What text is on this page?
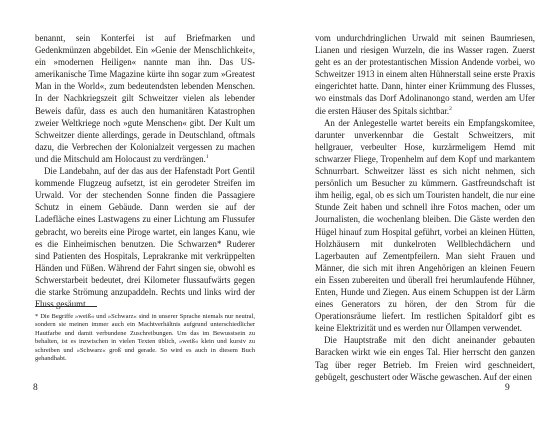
benannt, sein Konterfei ist auf Briefmarken und Gedenkmünzen abgebildet. Ein »Genie der Menschlichkeit«, ein »modernen Heiligen« nannte man ihn. Das US-amerikanische Time Magazine kürte ihn sogar zum »Greatest Man in the World«, zum bedeutendsten lebenden Menschen. In der Nachkriegszeit gilt Schweitzer vielen als lebender Beweis dafür, dass es auch den humanitären Katastrophen zweier Weltkriege noch »gute Menschen« gibt. Der Kult um Schweitzer diente allerdings, gerade in Deutschland, oftmals dazu, die Verbrechen der Kolonialzeit vergessen zu machen und die Mitschuld am Holocaust zu verdrängen.$^1$

Die Landebahn, auf der das aus der Hafenstadt Port Gentil kommende Flugzeug aufsetzt, ist ein gerodeter Streifen im Urwald. Vor der stechenden Sonne finden die Passagiere Schutz in einem Gebäude. Dann werden sie auf der Ladefläche eines Lastwagens zu einer Lichtung am Flussufer gebracht, wo bereits eine Piroge wartet, ein langes Kanu, wie es die Einheimischen benutzen. Die Schwarzen* Ruderer sind Patienten des Hospitals, Leprakranke mit verkrüppelten Händen und Füßen. Während der Fahrt singen sie, obwohl es Schwerstarbeit bedeutet, drei Kilometer flussaufwärts gegen die starke Strömung anzupaddeln. Rechts und links wird der Fluss gesäumt

* Die Begriffe »weiß« und »Schwarz« sind in unserer Sprache niemals nur neutral, sondern sie meinen immer auch ein Machtverhältnis aufgrund unterschiedlicher Hautfarbe und damit verbundene Zuschreibungen. Um das im Bewusstsein zu behalten, ist es inzwischen in vielen Texten üblich, »weiß« klein und kursiv zu schreiben und »Schwarz« groß und gerade. So wird es auch in diesem Buch gehandhabt.

8

vom undurchdringlichen Urwald mit seinen Baumriesen, Lianen und riesigen Wurzeln, die ins Wasser ragen. Zuerst geht es an der protestantischen Mission Andende vorbei, wo Schweitzer 1913 in einem alten Hühnerstall seine erste Praxis eingerichtet hatte. Dann, hinter einer Krümmung des Flusses, wo einstmals das Dorf Adolinanongo stand, werden am Ufer die ersten Häuser des Spitals sichtbar.$^2$

An der Anlegestelle wartet bereits ein Empfangskomitee, darunter unverkennbar die Gestalt Schweitzers, mit hellgrauer, verbeulter Hose, kurzärmeligem Hemd mit schwarzer Fliege, Tropenhelm auf dem Kopf und markantem Schnurrbart. Schweitzer lässt es sich nicht nehmen, sich persönlich um Besucher zu kümmern. Gastfreundschaft ist ihm heilig, egal, ob es sich um Touristen handelt, die nur eine Stunde Zeit haben und schnell ihre Fotos machen, oder um Journalisten, die wochenlang bleiben. Die Gäste werden den Hügel hinauf zum Hospital geführt, vorbei an kleinen Hütten, Holzhäusern mit dunkelroten Wellblechdächern und Lagerbauten auf Zementpfeilern. Man sieht Frauen und Männer, die sich mit ihren Angehörigen an kleinen Feuern ein Essen zubereiten und überall frei herumlaufende Hühner, Enten, Hunde und Ziegen. Aus einem Schuppen ist der Lärm eines Generators zu hören, der den Strom für die Operationsräume liefert. Im restlichen Spitaldorf gibt es keine Elektrizität und es werden nur Öllampen verwendet.

Die Hauptstraße mit den dicht aneinander gebauten Baracken wirkt wie ein enges Tal. Hier herrscht den ganzen Tag über reger Betrieb. Im Freien wird geschneidert, gebügelt, geschustert oder Wäsche gewaschen. Auf der einen

9
